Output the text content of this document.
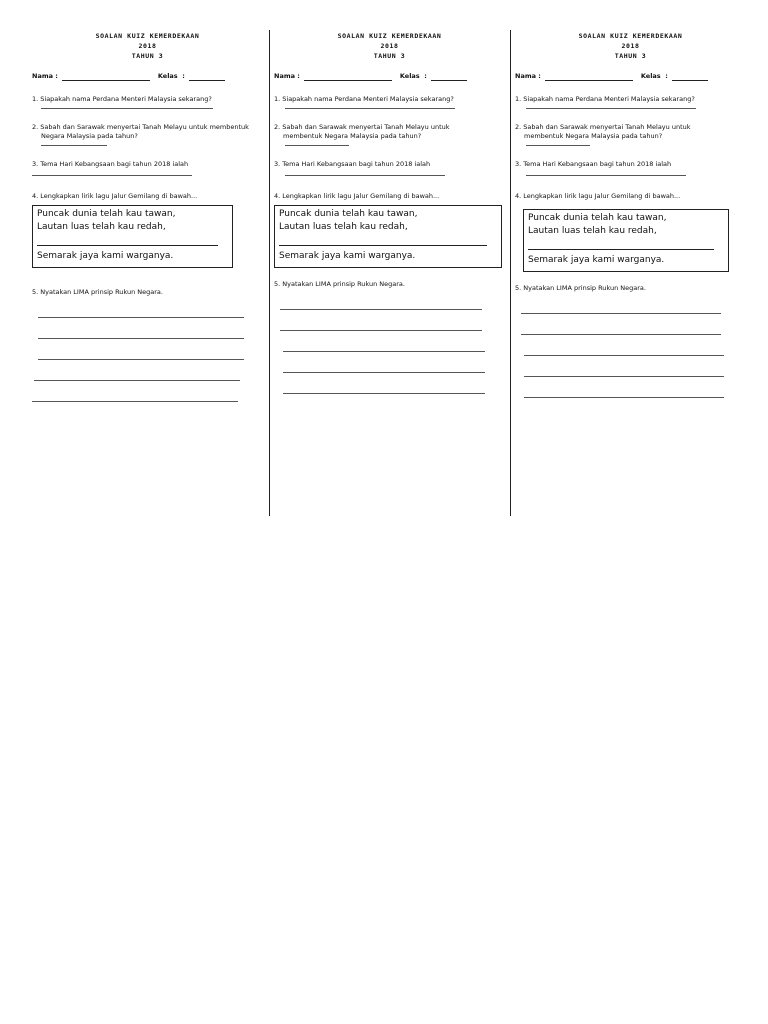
SOALAN KUIZ KEMERDEKAAN
2018
TAHUN 3
Nama :	Kelas  :
1. Siapakah nama Perdana Menteri Malaysia sekarang?
2. Sabah dan Sarawak menyertai Tanah Melayu untuk membentuk
Negara Malaysia pada tahun?
3. Tema Hari Kebangsaan bagi tahun 2018 ialah
4. Lengkapkan lirik lagu Jalur Gemilang di bawah...
Puncak dunia telah kau tawan,
Lautan luas telah kau redah,
Semarak jaya kami warganya.
5. Nyatakan LIMA prinsip Rukun Negara.
SOALAN KUIZ KEMERDEKAAN
2018
TAHUN 3
Nama :	Kelas  :
1. Siapakah nama Perdana Menteri Malaysia sekarang?
2. Sabah dan Sarawak menyertai Tanah Melayu untuk
membentuk Negara Malaysia pada tahun?
3. Tema Hari Kebangsaan bagi tahun 2018 ialah
4. Lengkapkan lirik lagu Jalur Gemilang di bawah...
Puncak dunia telah kau tawan,
Lautan luas telah kau redah,
Semarak jaya kami warganya.
5. Nyatakan LIMA prinsip Rukun Negara.
SOALAN KUIZ KEMERDEKAAN
2018
TAHUN 3
Nama :	Kelas  :
1. Siapakah nama Perdana Menteri Malaysia sekarang?
2. Sabah dan Sarawak menyertai Tanah Melayu untuk
membentuk Negara Malaysia pada tahun?
3. Tema Hari Kebangsaan bagi tahun 2018 ialah
4. Lengkapkan lirik lagu Jalur Gemilang di bawah...
Puncak dunia telah kau tawan,
Lautan luas telah kau redah,
Semarak jaya kami warganya.
5. Nyatakan LIMA prinsip Rukun Negara.
